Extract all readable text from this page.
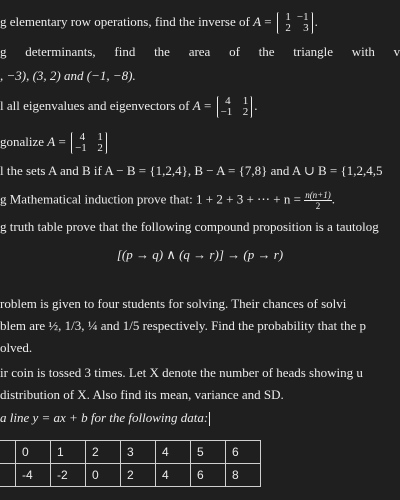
g elementary row operations, find the inverse of A = 1 −1
2	3 .
g determinants, find the area of the triangle with v
, −3), (3, 2) and (−1, −8).
l all eigenvalues and eigenvectors of A = 4	1
−1 2 .
gonalize A = 4	1
−1 2
l the sets A and B if A − B = {1,2,4}, B − A = {7,8} and A ∪ B = {1,2,4,5
g Mathematical induction prove that: 1 + 2 + 3 + ⋯ + $n = \frac{n(n+1)}{2}$ .
g truth table prove that the following compound proposition is a tautolog
[(p → q) ∧ (q → r)] → (p → r)
roblem is given to four students for solving. Their chances of solvi
blem are ½, 1/3, ¼ and 1/5 respectively. Find the probability that the p
olved.
ir coin is tossed 3 times. Let X denote the number of heads showing u
distribution of X. Also find its mean, variance and SD.
a line y = ax + b for the following data:
	0	1	2	3	4	5	6
	-4	-2	0	2	4	6	8
